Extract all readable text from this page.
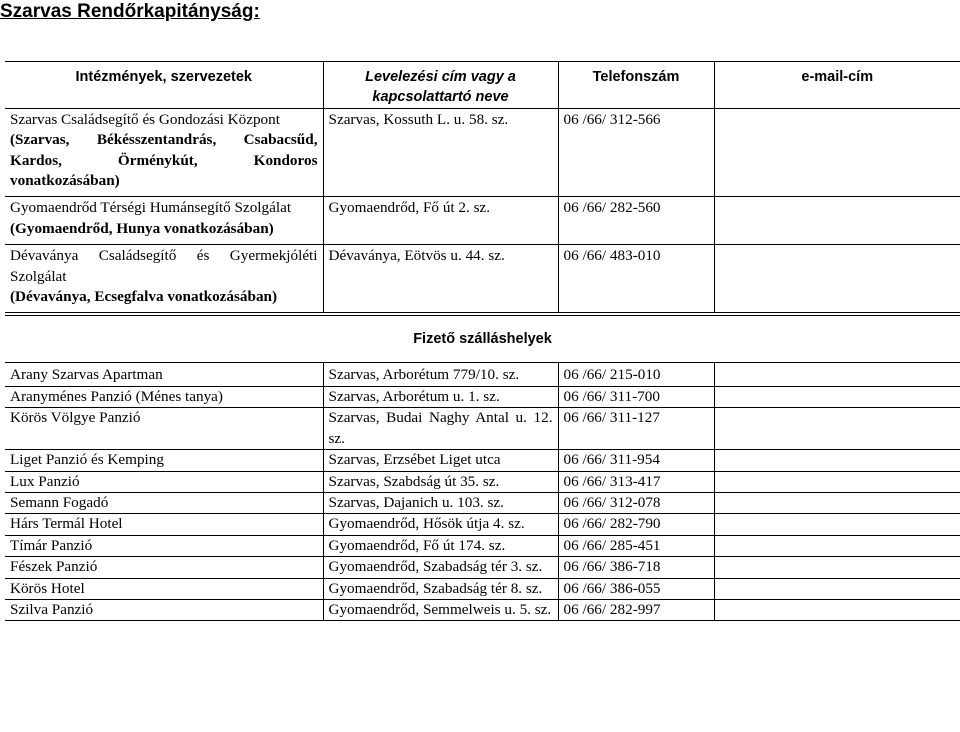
Szarvas Rendőrkapitányság:
Intézmények, szervezetek	Levelezési cím vagy a kapcsolattartó neve	Telefonszám	e-mail-cím
Szarvas Családsegítő és Gondozási Központ
(Szarvas, Békésszentandrás, Csabacsűd, Kardos, Örménykút, Kondoros vonatkozásában)	Szarvas, Kossuth L. u. 58. sz.	06 /66/ 312-566	
Gyomaendrőd Térségi Humánsegítő Szolgálat
(Gyomaendrőd, Hunya vonatkozásában)	Gyomaendrőd, Fő út 2. sz.	06 /66/ 282-560	
Dévaványa Családsegítő és Gyermekjóléti Szolgálat
(Dévaványa, Ecsegfalva vonatkozásában)	Dévaványa, Eötvös u. 44. sz.	06 /66/ 483-010	

Fizető szálláshelyek			
Arany Szarvas Apartman	Szarvas, Arborétum 779/10. sz.	06 /66/ 215-010	
Aranyménes Panzió (Ménes tanya)	Szarvas, Arborétum u. 1. sz.	06 /66/ 311-700	
Körös Völgye Panzió	Szarvas, Budai Naghy Antal u. 12. sz.	06 /66/ 311-127	
Liget Panzió és Kemping	Szarvas, Erzsébet Liget utca	06 /66/ 311-954	
Lux Panzió	Szarvas, Szabdság út 35. sz.	06 /66/ 313-417	
Semann Fogadó	Szarvas, Dajanich u. 103. sz.	06 /66/ 312-078	
Hárs Termál Hotel	Gyomaendrőd, Hősök útja 4. sz.	06 /66/ 282-790	
Tímár Panzió	Gyomaendrőd, Fő út 174. sz.	06 /66/ 285-451	
Fészek Panzió	Gyomaendrőd, Szabadság tér 3. sz.	06 /66/ 386-718	
Körös Hotel	Gyomaendrőd, Szabadság tér 8. sz.	06 /66/ 386-055	
Szilva Panzió	Gyomaendrőd, Semmelweis u. 5. sz.	06 /66/ 282-997	
